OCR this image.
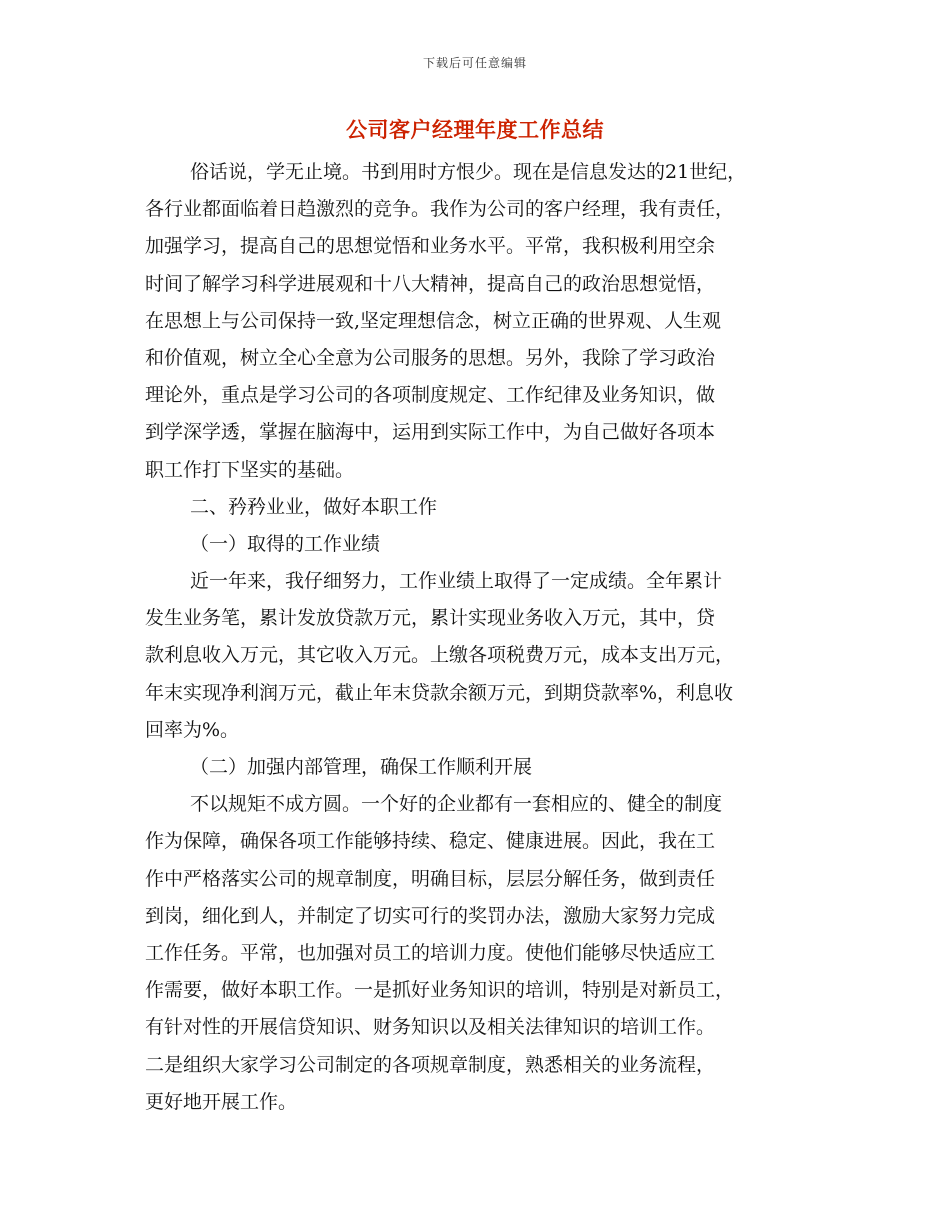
下载后可任意编辑
公司客户经理年度工作总结
俗话说，学无止境。书到用时方恨少。现在是信息发达的21世纪，
各行业都面临着日趋激烈的竞争。我作为公司的客户经理，我有责任，
加强学习，提高自己的思想觉悟和业务水平。平常，我积极利用空余
时间了解学习科学进展观和十八大精神，提高自己的政治思想觉悟，
在思想上与公司保持一致,坚定理想信念，树立正确的世界观、人生观
和价值观，树立全心全意为公司服务的思想。另外，我除了学习政治
理论外，重点是学习公司的各项制度规定、工作纪律及业务知识，做
到学深学透，掌握在脑海中，运用到实际工作中，为自己做好各项本
职工作打下坚实的基础。
二、矜矜业业，做好本职工作
（一）取得的工作业绩
近一年来，我仔细努力，工作业绩上取得了一定成绩。全年累计
发生业务笔，累计发放贷款万元，累计实现业务收入万元，其中，贷
款利息收入万元，其它收入万元。上缴各项税费万元，成本支出万元，
年末实现净利润万元，截止年末贷款余额万元，到期贷款率%，利息收
回率为%。
（二）加强内部管理，确保工作顺利开展
不以规矩不成方圆。一个好的企业都有一套相应的、健全的制度
作为保障，确保各项工作能够持续、稳定、健康进展。因此，我在工
作中严格落实公司的规章制度，明确目标，层层分解任务，做到责任
到岗，细化到人，并制定了切实可行的奖罚办法，激励大家努力完成
工作任务。平常，也加强对员工的培训力度。使他们能够尽快适应工
作需要，做好本职工作。一是抓好业务知识的培训，特别是对新员工，
有针对性的开展信贷知识、财务知识以及相关法律知识的培训工作。
二是组织大家学习公司制定的各项规章制度，熟悉相关的业务流程，
更好地开展工作。
